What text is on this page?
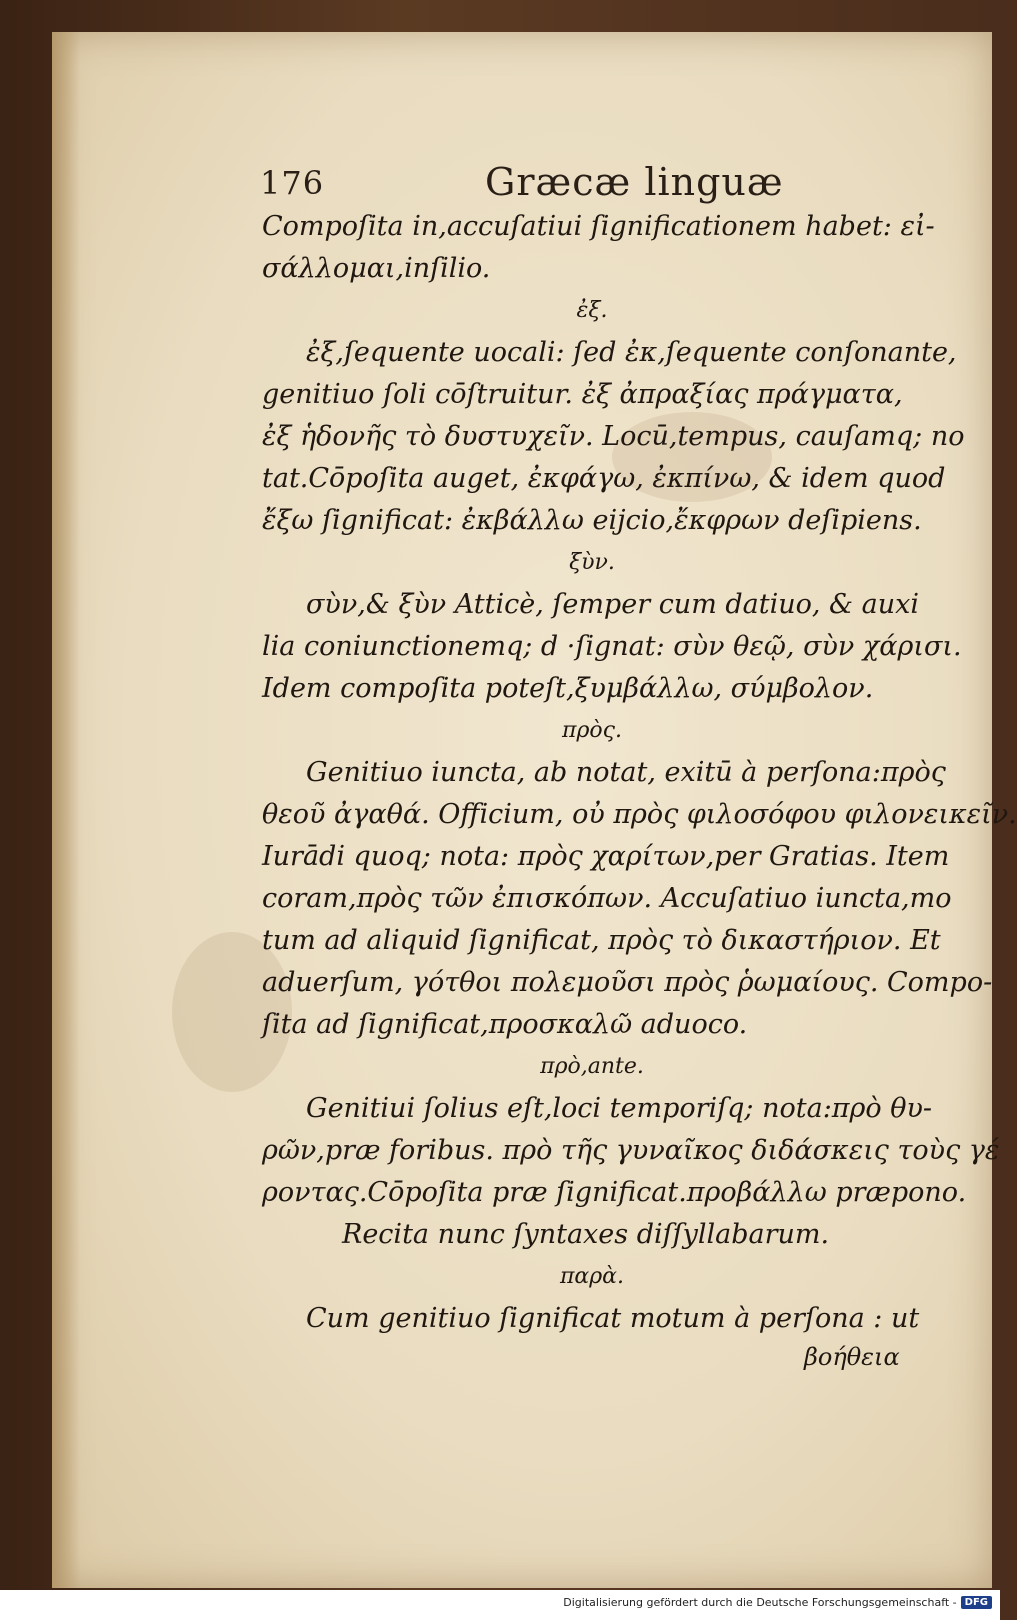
176	Græcæ linguæ
Compoſita in,accuſatiui ſignificationem habet: εἰ-
σάλλομαι,inſilio.
ἐξ.
ἐξ,ſequente uocali: ſed ἐκ,ſequente conſonante,
genitiuo ſoli cōſtruitur. ἐξ ἀπραξίας πράγματα,
ἐξ ἡδονῆς τὸ δυστυχεῖν. Locū,tempus, cauſamq; no
tat.Cōpoſita auget, ἐκφάγω, ἐκπίνω, & idem quod
ἔξω ſignificat: ἐκβάλλω eijcio,ἔκφρων deſipiens.
ξὺν.
σὺν,& ξὺν Atticè, ſemper cum datiuo, & auxi
lia coniunctionemq; d ·ſignat: σὺν θεῷ, σὺν χάρισι.
Idem compoſita poteſt,ξυμβάλλω, σύμβολον.
πρὸς.
Genitiuo iuncta, ab notat, exitū à perſona:πρὸς
θεοῦ ἀγαθά. Officium, οὐ πρὸς φιλοσόφου φιλονεικεῖν.
Iurādi quoq; nota: πρὸς χαρίτων,per Gratias. Item
coram,πρὸς τῶν ἐπισκόπων. Accuſatiuo iuncta,mo
tum ad aliquid ſignificat, πρὸς τὸ δικαστήριον. Et
aduerſum, γότθοι πολεμοῦσι πρὸς ῥωμαίους. Compo-
ſita ad ſignificat,προσκαλῶ aduoco.
πρὸ,ante.
Genitiui ſolius eſt,loci temporiſq; nota:πρὸ θυ-
ρῶν,præ foribus. πρὸ τῆς γυναῖκος διδάσκεις τοὺς γέ
ροντας.Cōpoſita præ ſignificat.προβάλλω præpono.
Recita nunc ſyntaxes diſſyllabarum.
παρὰ.
Cum genitiuo ſignificat motum à perſona : ut
βοήθεια
Digitalisierung gefördert durch die Deutsche Forschungsgemeinschaft - DFG
